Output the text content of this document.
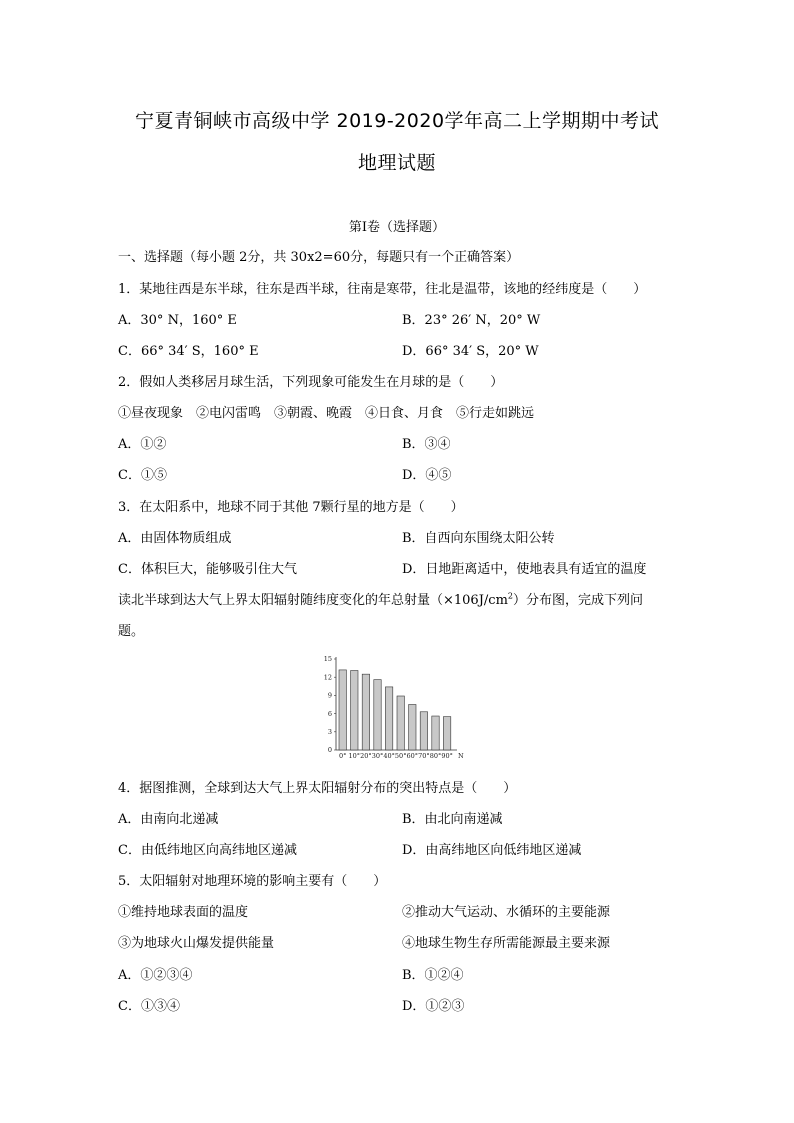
宁夏青铜峡市高级中学 2019-2020学年高二上学期期中考试
地理试题
第Ⅰ卷（选择题）
一、选择题（每小题 2分，共 30x2=60分，每题只有一个正确答案）
1．某地往西是东半球，往东是西半球，往南是寒带，往北是温带，该地的经纬度是（　　）
A．30° N，160° E	B．23° 26′ N，20° W
C．66° 34′ S，160° E	D．66° 34′ S，20° W
2．假如人类移居月球生活，下列现象可能发生在月球的是（　　）
①昼夜现象　②电闪雷鸣　③朝霞、晚霞　④日食、月食　⑤行走如跳远
A．①②	B．③④
C．①⑤	D．④⑤
3．在太阳系中，地球不同于其他 7颗行星的地方是（　　）
A．由固体物质组成	B．自西向东围绕太阳公转
C．体积巨大，能够吸引住大气	D．日地距离适中，使地表具有适宜的温度
读北半球到达大气上界太阳辐射随纬度变化的年总射量$(\times 106J/cm^2)$分布图，完成下列问
题。
0
3
6
9
12
15
0° 10° 20° 30° 40° 50° 60° 70° 80° 90° N
4．据图推测，全球到达大气上界太阳辐射分布的突出特点是（　　）
A．由南向北递减	B．由北向南递减
C．由低纬地区向高纬地区递减	D．由高纬地区向低纬地区递减
5．太阳辐射对地理环境的影响主要有（　　）
①维持地球表面的温度	②推动大气运动、水循环的主要能源
③为地球火山爆发提供能量	④地球生物生存所需能源最主要来源
A．①②③④	B．①②④
C．①③④	D．①②③
